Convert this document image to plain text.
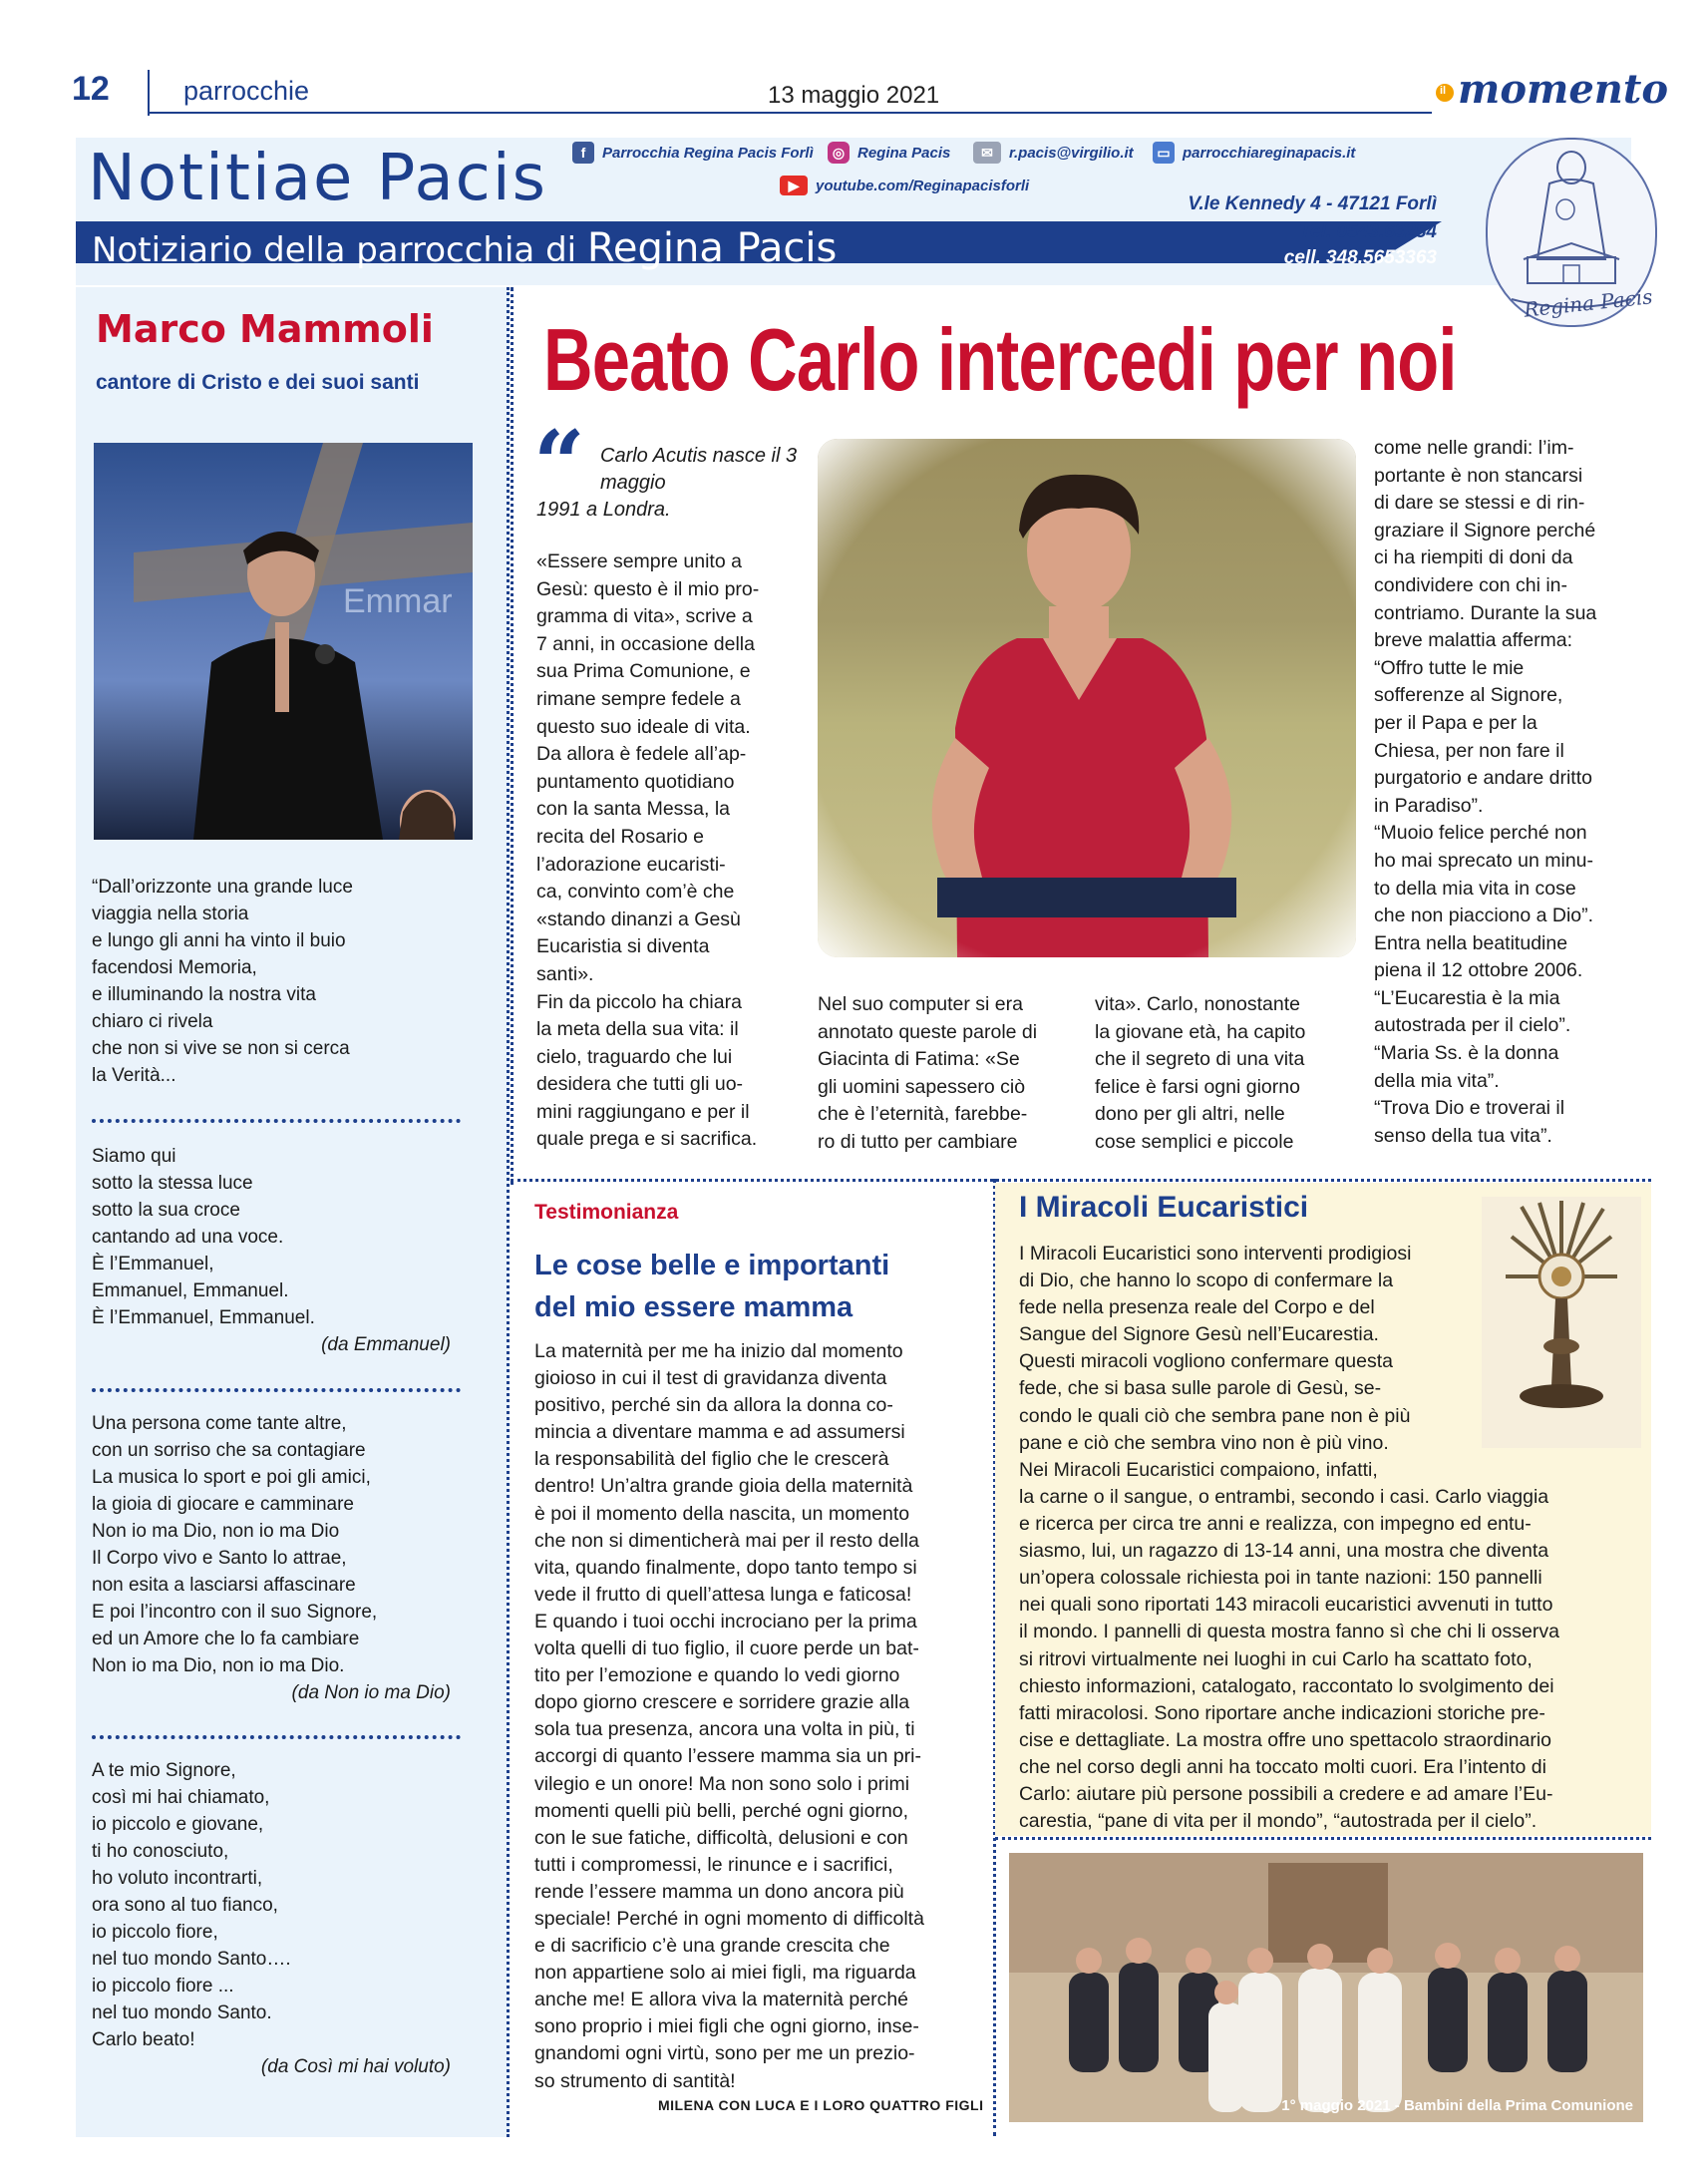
12	parrocchie	13 maggio 2021	il momento
Notitiae Pacis
Notiziario della parrocchia di Regina Pacis
f	Parrocchia Regina Pacis Forlì	◎ Regina Pacis	✉	r.pacis@virgilio.it	▭ parrocchiareginapacis.it
▶	youtube.com/Reginapacisforli
V.le Kennedy 4 - 47121 Forlì
Tel. 0543.63254
cell. 348.5653363
Regina Pacis
Marco Mammoli
cantore di Cristo e dei suoi santi
Emmar

“Dall’orizzonte una grande luce

viaggia nella storia

e lungo gli anni ha vinto il buio

facendosi Memoria,

e illuminando la nostra vita

chiaro ci rivela

che non si vive se non si cerca

la Verità...

Siamo qui

sotto la stessa luce

sotto la sua croce

cantando ad una voce.

È l’Emmanuel,

Emmanuel, Emmanuel.

È l’Emmanuel, Emmanuel.

(da Emmanuel)

Una persona come tante altre,

con un sorriso che sa contagiare

La musica lo sport e poi gli amici,

la gioia di giocare e camminare

Non io ma Dio, non io ma Dio

Il Corpo vivo e Santo lo attrae,

non esita a lasciarsi affascinare

E poi l’incontro con il suo Signore,

ed un Amore che lo fa cambiare

Non io ma Dio, non io ma Dio.

(da Non io ma Dio)

A te mio Signore,

così mi hai chiamato,

io piccolo e giovane,

ti ho conosciuto,

ho voluto incontrarti,

ora sono al tuo fianco,

io piccolo fiore,

nel tuo mondo Santo….

io piccolo fiore ...

nel tuo mondo Santo.

Carlo beato!

(da Così mi hai voluto)

Beato Carlo intercedi per noi
“ Carlo Acutis nasce il 3 maggio
1991 a Londra.

«Essere sempre unito a

Gesù: questo è il mio pro-

gramma di vita», scrive a

7 anni, in occasione della

sua Prima Comunione, e

rimane sempre fedele a

questo suo ideale di vita.

Da allora è fedele all’ap-

puntamento quotidiano

con la santa Messa, la

recita del Rosario e

l’adorazione eucaristi-

ca, convinto com’è che

«stando dinanzi a Gesù

Eucaristia si diventa

santi».

Fin da piccolo ha chiara

la meta della sua vita: il

cielo, traguardo che lui

desidera che tutti gli uo-

mini raggiungano e per il

quale prega e si sacrifica.

Nel suo computer si era

annotato queste parole di

Giacinta di Fatima: «Se

gli uomini sapessero ciò

che è l’eternità, farebbe-

ro di tutto per cambiare

vita». Carlo, nonostante

la giovane età, ha capito

che il segreto di una vita

felice è farsi ogni giorno

dono per gli altri, nelle

cose semplici e piccole

come nelle grandi: l’im-

portante è non stancarsi

di dare se stessi e di rin-

graziare il Signore perché

ci ha riempiti di doni da

condividere con chi in-

contriamo. Durante la sua

breve malattia afferma:

“Offro tutte le mie

sofferenze al Signore,

per il Papa e per la

Chiesa, per non fare il

purgatorio e andare dritto

in Paradiso”.

“Muoio felice perché non

ho mai sprecato un minu-

to della mia vita in cose

che non piacciono a Dio”.

Entra nella beatitudine

piena il 12 ottobre 2006.

“L’Eucarestia è la mia

autostrada per il cielo”.

“Maria Ss. è la donna

della mia vita”.

“Trova Dio e troverai il

senso della tua vita”.

Testimonianza
Le cose belle e importanti
del mio essere mamma

La maternità per me ha inizio dal momento

gioioso in cui il test di gravidanza diventa

positivo, perché sin da allora la donna co-

mincia a diventare mamma e ad assumersi

la responsabilità del figlio che le crescerà

dentro! Un’altra grande gioia della maternità

è poi il momento della nascita, un momento

che non si dimenticherà mai per il resto della

vita, quando finalmente, dopo tanto tempo si

vede il frutto di quell’attesa lunga e faticosa!

E quando i tuoi occhi incrociano per la prima

volta quelli di tuo figlio, il cuore perde un bat-

tito per l’emozione e quando lo vedi giorno

dopo giorno crescere e sorridere grazie alla

sola tua presenza, ancora una volta in più, ti

accorgi di quanto l’essere mamma sia un pri-

vilegio e un onore! Ma non sono solo i primi

momenti quelli più belli, perché ogni giorno,

con le sue fatiche, difficoltà, delusioni e con

tutti i compromessi, le rinunce e i sacrifici,

rende l’essere mamma un dono ancora più

speciale! Perché in ogni momento di difficoltà

e di sacrificio c’è una grande crescita che

non appartiene solo ai miei figli, ma riguarda

anche me! E allora viva la maternità perché

sono proprio i miei figli che ogni giorno, inse-

gnandomi ogni virtù, sono per me un prezio-

so strumento di santità!

MILENA CON LUCA E I LORO QUATTRO FIGLI
I Miracoli Eucaristici

I Miracoli Eucaristici sono interventi prodigiosi

di Dio, che hanno lo scopo di confermare la

fede nella presenza reale del Corpo e del

Sangue del Signore Gesù nell’Eucarestia.

Questi miracoli vogliono confermare questa

fede, che si basa sulle parole di Gesù, se-

condo le quali ciò che sembra pane non è più

pane e ciò che sembra vino non è più vino.

Nei Miracoli Eucaristici compaiono, infatti,

la carne o il sangue, o entrambi, secondo i casi. Carlo viaggia

e ricerca per circa tre anni e realizza, con impegno ed entu-

siasmo, lui, un ragazzo di 13-14 anni, una mostra che diventa

un’opera colossale richiesta poi in tante nazioni: 150 pannelli

nei quali sono riportati 143 miracoli eucaristici avvenuti in tutto

il mondo. I pannelli di questa mostra fanno sì che chi li osserva

si ritrovi virtualmente nei luoghi in cui Carlo ha scattato foto,

chiesto informazioni, catalogato, raccontato lo svolgimento dei

fatti miracolosi. Sono riportare anche indicazioni storiche pre-

cise e dettagliate. La mostra offre uno spettacolo straordinario

che nel corso degli anni ha toccato molti cuori. Era l’intento di

Carlo: aiutare più persone possibili a credere e ad amare l’Eu-

carestia, “pane di vita per il mondo”, “autostrada per il cielo”.

1° maggio 2021 - Bambini della Prima Comunione
